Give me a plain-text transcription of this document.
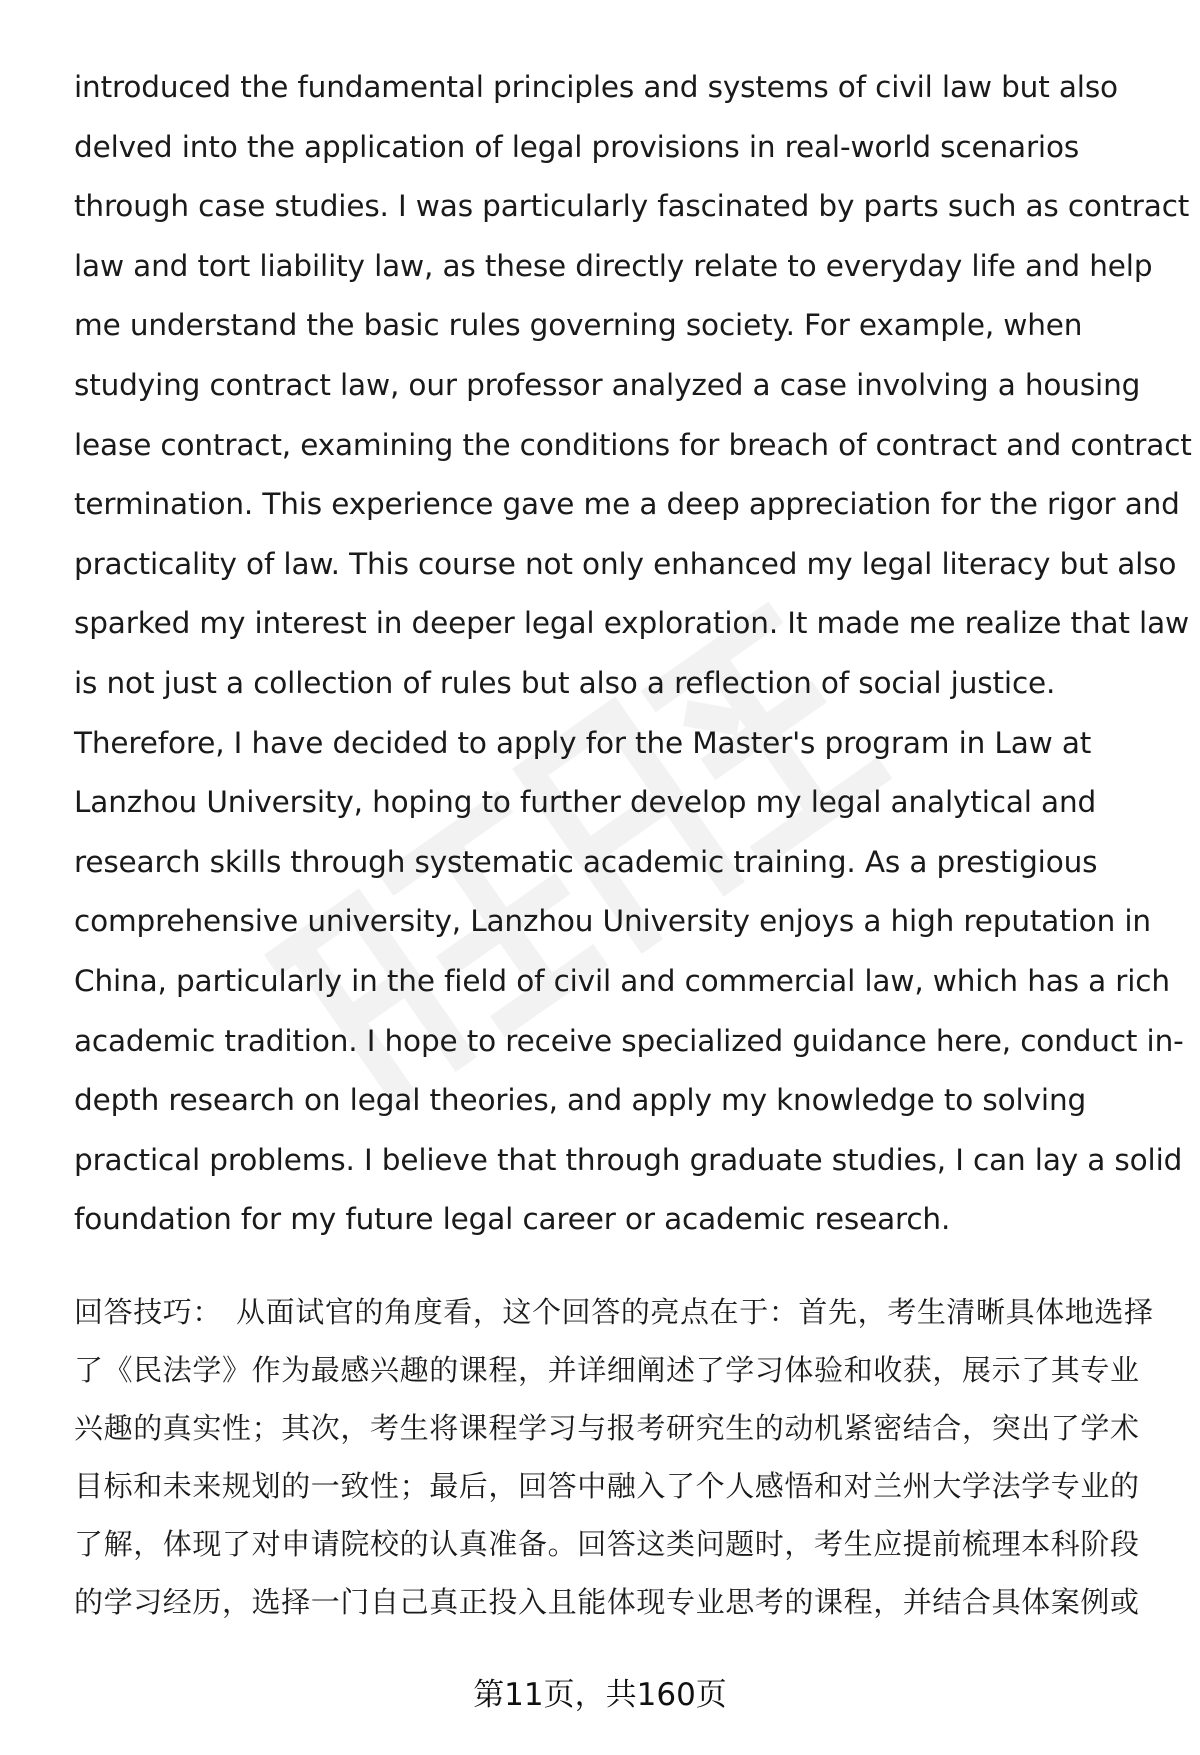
introduced the fundamental principles and systems of civil law but also
delved into the application of legal provisions in real-world scenarios
through case studies. I was particularly fascinated by parts such as contract
law and tort liability law, as these directly relate to everyday life and help
me understand the basic rules governing society. For example, when
studying contract law, our professor analyzed a case involving a housing
lease contract, examining the conditions for breach of contract and contract
termination. This experience gave me a deep appreciation for the rigor and
practicality of law. This course not only enhanced my legal literacy but also
sparked my interest in deeper legal exploration. It made me realize that law
is not just a collection of rules but also a reflection of social justice.
Therefore, I have decided to apply for the Master's program in Law at
Lanzhou University, hoping to further develop my legal analytical and
research skills through systematic academic training. As a prestigious
comprehensive university, Lanzhou University enjoys a high reputation in
China, particularly in the field of civil and commercial law, which has a rich
academic tradition. I hope to receive specialized guidance here, conduct in-
depth research on legal theories, and apply my knowledge to solving
practical problems. I believe that through graduate studies, I can lay a solid
foundation for my future legal career or academic research.
回答技巧： 从面试官的角度看，这个回答的亮点在于：首先，考生清晰具体地选择
了《民法学》作为最感兴趣的课程，并详细阐述了学习体验和收获，展示了其专业
兴趣的真实性；其次，考生将课程学习与报考研究生的动机紧密结合，突出了学术
目标和未来规划的一致性；最后，回答中融入了个人感悟和对兰州大学法学专业的
了解，体现了对申请院校的认真准备。回答这类问题时，考生应提前梳理本科阶段
的学习经历，选择一门自己真正投入且能体现专业思考的课程，并结合具体案例或
第11页，共160页
